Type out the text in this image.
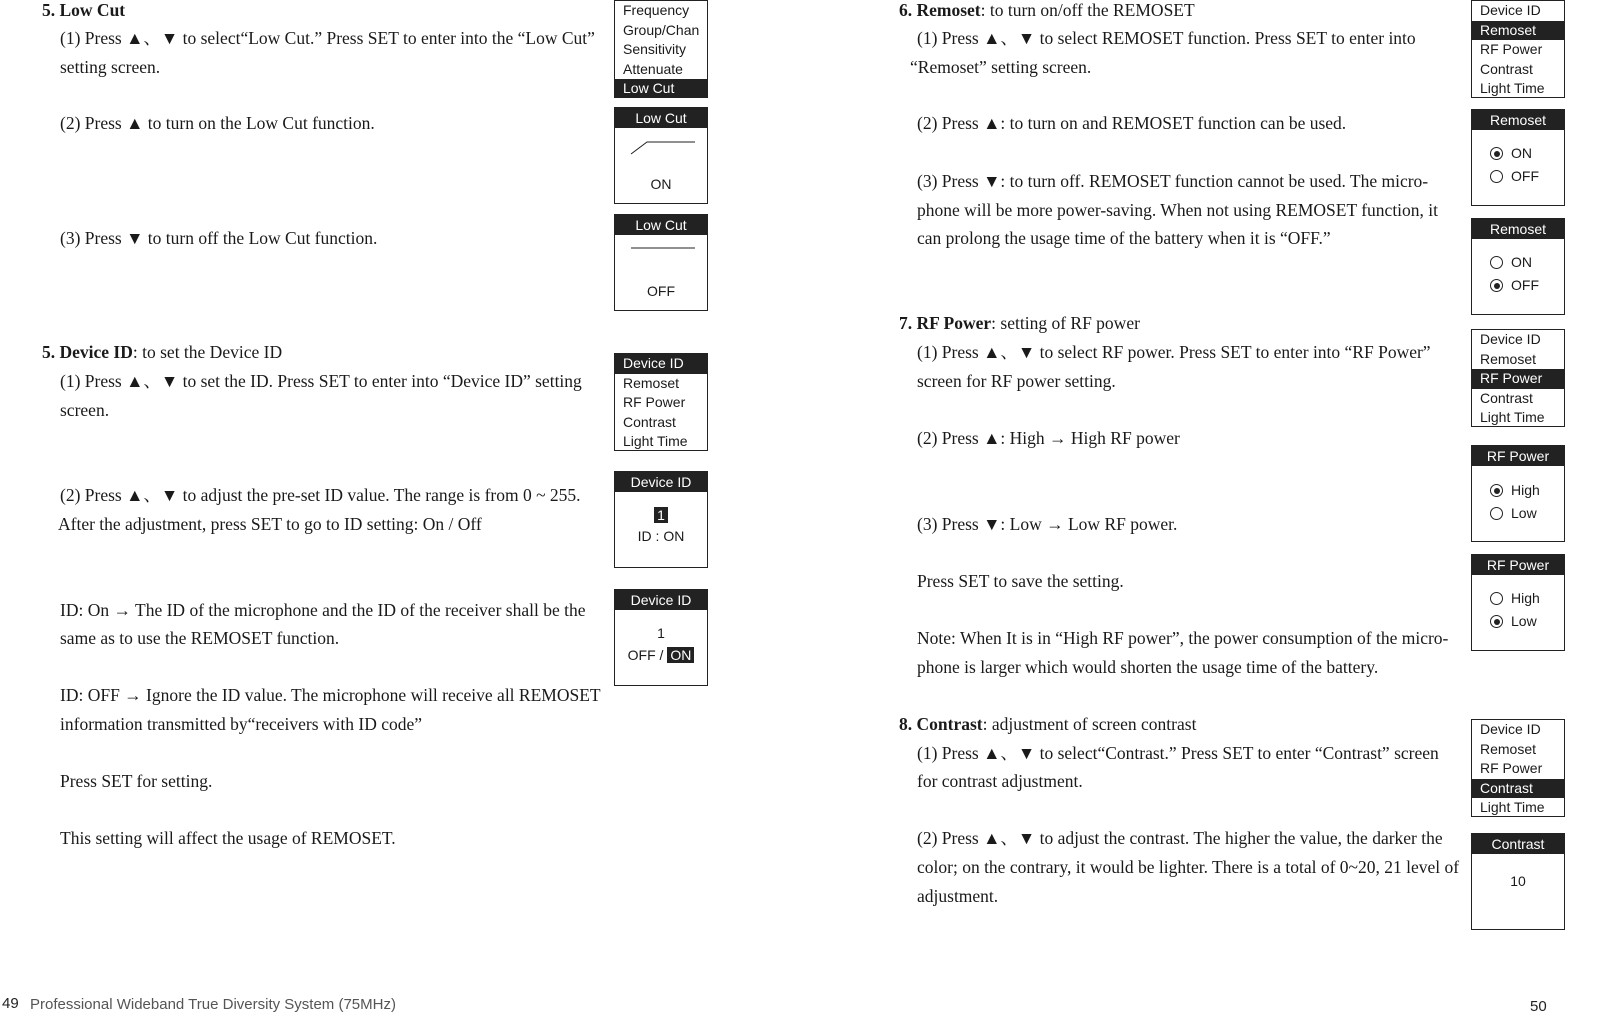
5. Low Cut
(1) Press ▲、▼ to select“Low Cut.” Press SET to enter into the “Low Cut”
setting screen.
(2) Press ▲ to turn on the Low Cut function.
(3) Press ▼ to turn off the Low Cut function.
5. Device ID: to set the Device ID
(1) Press ▲、▼ to set the ID. Press SET to enter into “Device ID” setting
screen.
(2) Press ▲、▼ to adjust the pre-set ID value. The range is from 0 ~ 255.
After the adjustment, press SET to go to ID setting: On / Off
ID: On → The ID of the microphone and the ID of the receiver shall be the
same as to use the REMOSET function.
ID: OFF → Ignore the ID value. The microphone will receive all REMOSET
information transmitted by“receivers with ID code”
Press SET for setting.
This setting will affect the usage of REMOSET.
Frequency
Group/Chan
Sensitivity
Attenuate
Low Cut
Low Cut
ON
Low Cut
OFF
Device ID
Remoset
RF Power
Contrast
Light Time
Device ID
1
ID : ON
Device ID
1
OFF / ON
6. Remoset: to turn on/off the REMOSET
(1) Press ▲、▼ to select REMOSET function. Press SET to enter into
“Remoset” setting screen.
(2) Press ▲: to turn on and REMOSET function can be used.
(3) Press ▼: to turn off. REMOSET function cannot be used. The micro-
phone will be more power-saving. When not using REMOSET function, it
can prolong the usage time of the battery when it is “OFF.”
7. RF Power: setting of RF power
(1) Press ▲、▼ to select RF power. Press SET to enter into “RF Power”
screen for RF power setting.
(2) Press ▲: High → High RF power
(3) Press ▼: Low → Low RF power.
Press SET to save the setting.
Note: When It is in “High RF power”, the power consumption of the micro-
phone is larger which would shorten the usage time of the battery.
8. Contrast: adjustment of screen contrast
(1) Press ▲、▼ to select“Contrast.” Press SET to enter “Contrast” screen
for contrast adjustment.
(2) Press ▲、▼ to adjust the contrast. The higher the value, the darker the
color; on the contrary, it would be lighter. There is a total of 0~20, 21 level of
adjustment.
Device ID
Remoset
RF Power
Contrast
Light Time
Remoset
ON
OFF
Remoset
ON
OFF
Device ID
Remoset
RF Power
Contrast
Light Time
RF Power
High
Low
RF Power
High
Low
Device ID
Remoset
RF Power
Contrast
Light Time
Contrast
10
49 Professional Wideband True Diversity System (75MHz)	50
